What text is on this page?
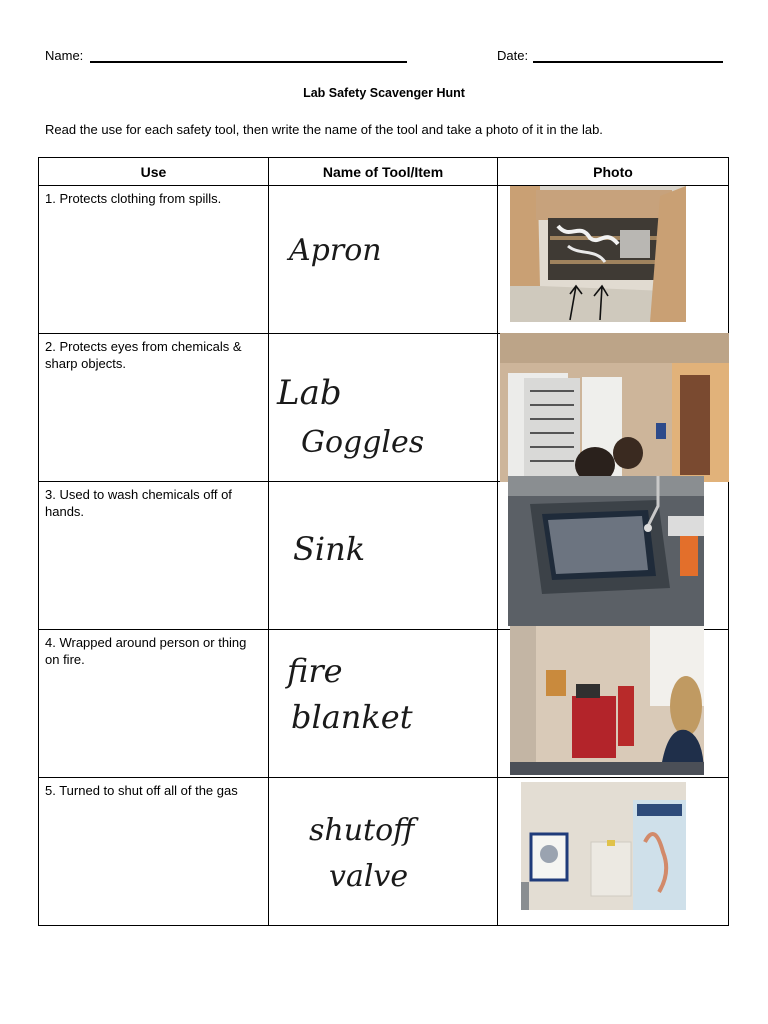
Name:	Date:
Lab Safety Scavenger Hunt
Read the use for each safety tool, then write the name of the tool and take a photo of it in the lab.
Use	Name of Tool/Item	Photo

1. Protects clothing from spills.	Apron

2. Protects eyes from chemicals & sharp objects.	Lab
Goggles

3. Used to wash chemicals off of hands.	Sink

4. Wrapped around person or thing on fire.	fire
blanket

5. Turned to shut off all of the gas	shutoff
valve
